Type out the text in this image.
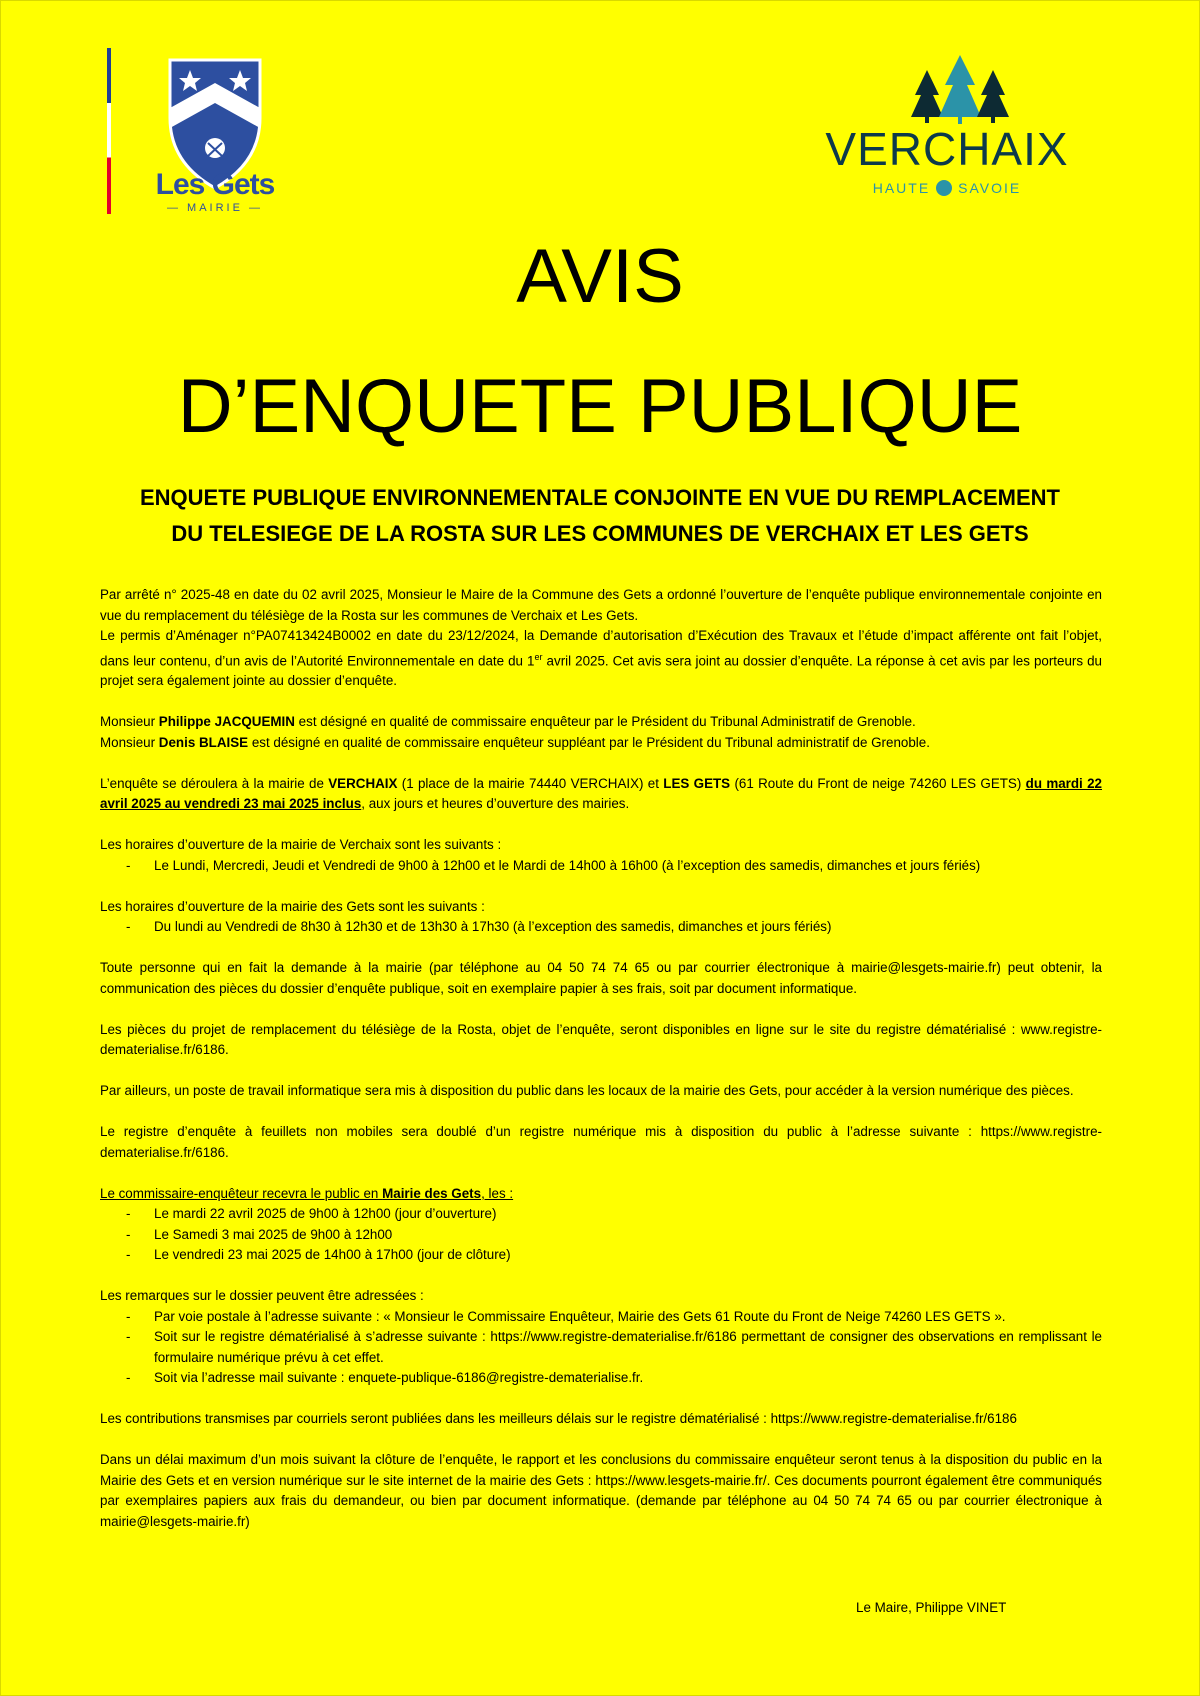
Les Gets
— MAIRIE —
VERCHAIX
HAUTE SAVOIE
AVIS
D’ENQUETE PUBLIQUE
ENQUETE PUBLIQUE ENVIRONNEMENTALE CONJOINTE EN VUE DU REMPLACEMENT
DU TELESIEGE DE LA ROSTA SUR LES COMMUNES DE VERCHAIX ET LES GETS

Par arrêté n° 2025-48 en date du 02 avril 2025, Monsieur le Maire de la Commune des Gets a ordonné l’ouverture de l’enquête publique environnementale conjointe en vue du remplacement du télésiège de la Rosta sur les communes de Verchaix et Les Gets.

Le permis d’Aménager n°PA07413424B0002 en date du 23/12/2024, la Demande d’autorisation d’Exécution des Travaux et l’étude d’impact afférente ont fait l’objet, dans leur contenu, d’un avis de l’Autorité Environnementale en date du 1er avril 2025. Cet avis sera joint au dossier d’enquête. La réponse à cet avis par les porteurs du projet sera également jointe au dossier d’enquête.

Monsieur Philippe JACQUEMIN est désigné en qualité de commissaire enquêteur par le Président du Tribunal Administratif de Grenoble.

Monsieur Denis BLAISE est désigné en qualité de commissaire enquêteur suppléant par le Président du Tribunal administratif de Grenoble.

L’enquête se déroulera à la mairie de VERCHAIX (1 place de la mairie 74440 VERCHAIX) et LES GETS (61 Route du Front de neige 74260 LES GETS) du mardi 22 avril 2025 au vendredi 23 mai 2025 inclus, aux jours et heures d’ouverture des mairies.

Les horaires d’ouverture de la mairie de Verchaix sont les suivants :

- Le Lundi, Mercredi, Jeudi et Vendredi de 9h00 à 12h00 et le Mardi de 14h00 à 16h00 (à l’exception des samedis, dimanches et jours fériés)

Les horaires d’ouverture de la mairie des Gets sont les suivants :

- Du lundi au Vendredi de 8h30 à 12h30 et de 13h30 à 17h30 (à l’exception des samedis, dimanches et jours fériés)

Toute personne qui en fait la demande à la mairie (par téléphone au 04 50 74 74 65 ou par courrier électronique à mairie@lesgets-mairie.fr) peut obtenir, la communication des pièces du dossier d’enquête publique, soit en exemplaire papier à ses frais, soit par document informatique.

Les pièces du projet de remplacement du télésiège de la Rosta, objet de l’enquête, seront disponibles en ligne sur le site du registre dématérialisé : www.registre-dematerialise.fr/6186.

Par ailleurs, un poste de travail informatique sera mis à disposition du public dans les locaux de la mairie des Gets, pour accéder à la version numérique des pièces.

Le registre d’enquête à feuillets non mobiles sera doublé d’un registre numérique mis à disposition du public à l’adresse suivante : https://www.registre-dematerialise.fr/6186.

Le commissaire-enquêteur recevra le public en Mairie des Gets, les :

- Le mardi 22 avril 2025 de 9h00 à 12h00 (jour d’ouverture)
- Le Samedi 3 mai 2025 de 9h00 à 12h00
- Le vendredi 23 mai 2025 de 14h00 à 17h00 (jour de clôture)

Les remarques sur le dossier peuvent être adressées :

- Par voie postale à l’adresse suivante : « Monsieur le Commissaire Enquêteur, Mairie des Gets 61 Route du Front de Neige 74260 LES GETS ».
- Soit sur le registre dématérialisé à s’adresse suivante : https://www.registre-dematerialise.fr/6186 permettant de consigner des observations en remplissant le formulaire numérique prévu à cet effet.
- Soit via l’adresse mail suivante : enquete-publique-6186@registre-dematerialise.fr.

Les contributions transmises par courriels seront publiées dans les meilleurs délais sur le registre dématérialisé : https://www.registre-dematerialise.fr/6186

Dans un délai maximum d’un mois suivant la clôture de l’enquête, le rapport et les conclusions du commissaire enquêteur seront tenus à la disposition du public en la Mairie des Gets et en version numérique sur le site internet de la mairie des Gets : https://www.lesgets-mairie.fr/. Ces documents pourront également être communiqués par exemplaires papiers aux frais du demandeur, ou bien par document informatique. (demande par téléphone au 04 50 74 74 65 ou par courrier électronique à mairie@lesgets-mairie.fr)

Le Maire, Philippe VINET
